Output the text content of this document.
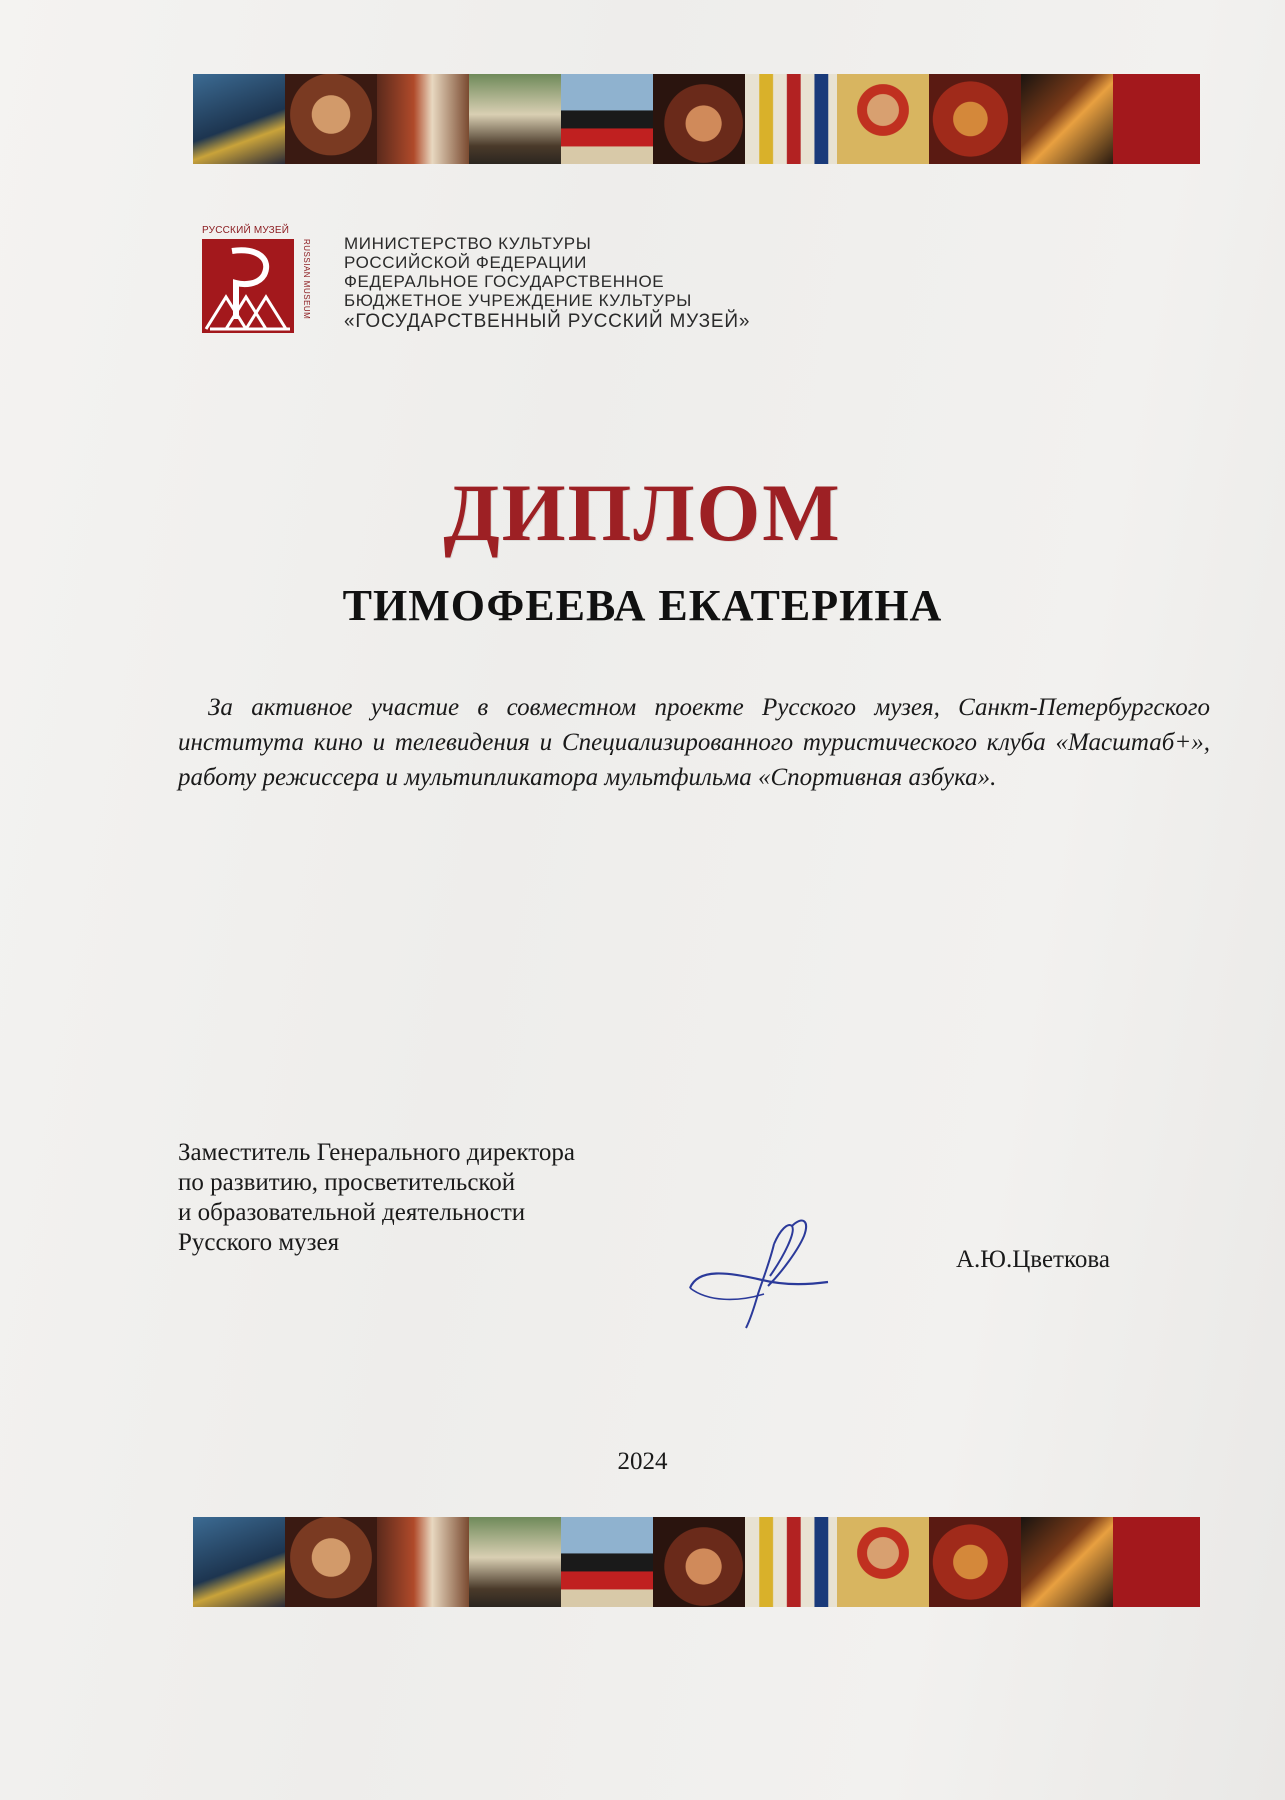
РУССКИЙ МУЗЕЙ
RUSSIAN MUSEUM МИНИСТЕРСТВО КУЛЬТУРЫ
РОССИЙСКОЙ ФЕДЕРАЦИИ
ФЕДЕРАЛЬНОЕ ГОСУДАРСТВЕННОЕ
БЮДЖЕТНОЕ УЧРЕЖДЕНИЕ КУЛЬТУРЫ
«ГОСУДАРСТВЕННЫЙ РУССКИЙ МУЗЕЙ»
ДИПЛОМ
ТИМОФЕЕВА ЕКАТЕРИНА
За активное участие в совместном проекте Русского музея, Санкт-Петербургского института кино и телевидения и Специализированного туристического клуба «Масштаб+», работу режиссера и мультипликатора мультфильма «Спортивная азбука».
Заместитель Генерального директора
по развитию, просветительской
и образовательной деятельности
Русского музея
А.Ю.Цветкова
2024
